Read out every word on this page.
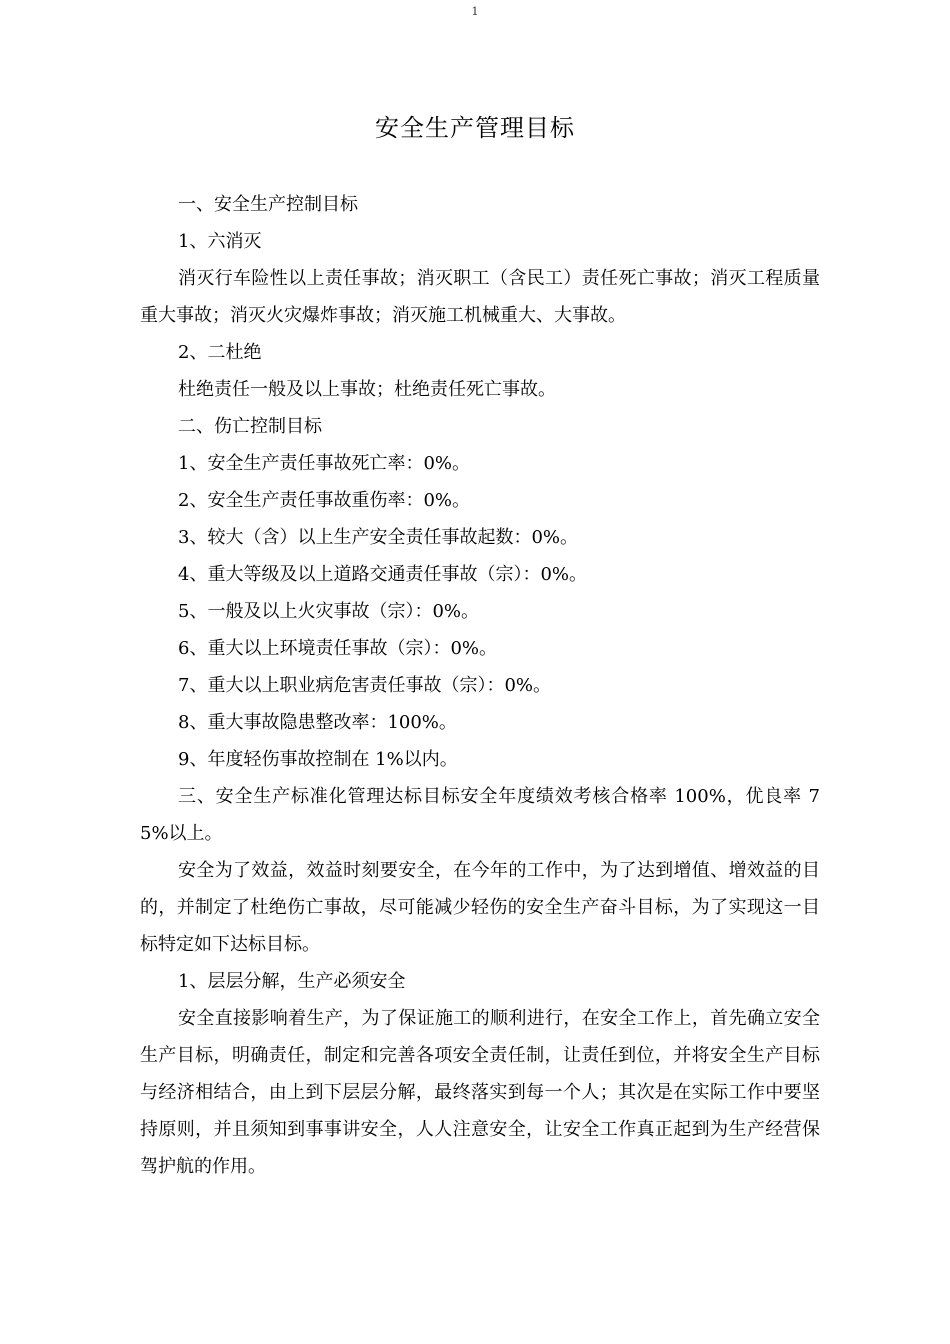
1
安全生产管理目标

一、安全生产控制目标

1、六消灭

消灭行车险性以上责任事故；消灭职工（含民工）责任死亡事故；消灭工程质量重大事故；消灭火灾爆炸事故；消灭施工机械重大、大事故。

2、二杜绝

杜绝责任一般及以上事故；杜绝责任死亡事故。

二、伤亡控制目标

1、安全生产责任事故死亡率：0%。

2、安全生产责任事故重伤率：0%。

3、较大（含）以上生产安全责任事故起数：0%。

4、重大等级及以上道路交通责任事故（宗）：0%。

5、一般及以上火灾事故（宗）：0%。

6、重大以上环境责任事故（宗）：0%。

7、重大以上职业病危害责任事故（宗）：0%。

8、重大事故隐患整改率：100%。

9、年度轻伤事故控制在 1%以内。

三、安全生产标准化管理达标目标安全年度绩效考核合格率 100%，优良率 75%以上。

安全为了效益，效益时刻要安全，在今年的工作中，为了达到增值、增效益的目的，并制定了杜绝伤亡事故，尽可能减少轻伤的安全生产奋斗目标，为了实现这一目标特定如下达标目标。

1、层层分解，生产必须安全

安全直接影响着生产，为了保证施工的顺利进行，在安全工作上，首先确立安全生产目标，明确责任，制定和完善各项安全责任制，让责任到位，并将安全生产目标与经济相结合，由上到下层层分解，最终落实到每一个人；其次是在实际工作中要坚持原则，并且须知到事事讲安全，人人注意安全，让安全工作真正起到为生产经营保驾护航的作用。
